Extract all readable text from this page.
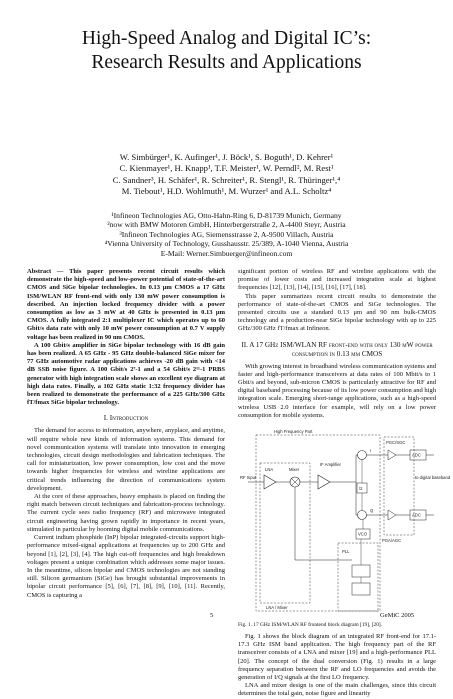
High-Speed Analog and Digital IC’s:
Research Results and Applications
W. Simbürger¹, K. Aufinger¹, J. Böck¹, S. Boguth¹, D. Kehrer¹
C. Kienmayer¹, H. Knapp¹, T.F. Meister¹, W. Perndl², M. Rest¹
C. Sandner³, H. Schäfer¹, R. Schreiter¹, R. Stengl¹, R. Thüringer¹,⁴
M. Tiebout¹, H.D. Wohlmuth¹, M. Wurzer¹ and A.L. Scholtz⁴
¹Infineon Technologies AG, Otto-Hahn-Ring 6, D-81739 Munich, Germany
²now with BMW Motoren GmbH, Hinterbergerstraße 2, A-4400 Steyr, Austria
³Infineon Technologies AG, Siemensstrasse 2, A-9500 Villach, Austria
⁴Vienna University of Technology, Gusshausstr. 25/389, A-1040 Vienna, Austria
E-Mail: Werner.Simbuerger@infineon.com

Abstract — This paper presents recent circuit results which demonstrate the high-speed and low-power potential of state-of-the-art CMOS and SiGe bipolar technologies. In 0.13 μm CMOS a 17 GHz ISM/WLAN RF front-end with only 130 mW power consumption is described. An injection locked frequency divider with a power consumption as low as 3 mW at 40 GHz is presented in 0.13 μm CMOS. A fully integrated 2:1 multiplexer IC which operates up to 60 Gbit/s data rate with only 10 mW power consumption at 0.7 V supply voltage has been realized in 90 nm CMOS.

A 100 Gbit/s amplifier in SiGe bipolar technology with 16 dB gain has been realized. A 65 GHz - 95 GHz double-balanced SiGe mixer for 77 GHz automotive radar applications achieves -20 dB gain with <14 dB SSB noise figure. A 100 Gbit/s 2⁷-1 and a 54 Gbit/s 2¹¹-1 PRBS generator with high integration scale shows an excellent eye diagram at high data rates. Finally, a 102 GHz static 1:32 frequency divider has been realized to demonstrate the performance of a 225 GHz/300 GHz fT/fmax SiGe bipolar technology.

I. Introduction

The demand for access to information, anywhere, anyplace, and anytime, will require whole new kinds of information systems. This demand for novel communication systems will translate into innovation in emerging technologies, circuit design methodologies and fabrication techniques. The call for miniaturization, low power consumption, low cost and the move towards higher frequencies for wireless and wireline applications are critical trends influencing the direction of communications system development.

At the core of these approaches, heavy emphasis is placed on finding the right match between circuit techniques and fabrication-process technology. The current cycle sees radio frequency (RF) and microwave integrated circuit engineering having grown rapidly in importance in recent years, stimulated in particular by booming digital mobile communications.

Current indium phosphide (InP) bipolar integrated-circuits support high-performance mixed-signal applications at frequencies up to 200 GHz and beyond [1], [2], [3], [4]. The high cut-off frequencies and high breakdown voltages present a unique combination which addresses some major issues. In the meantime, silicon bipolar and CMOS technologies are not standing still. Silicon germanium (SiGe) has brought substantial improvements in bipolar circuit performance [5], [6], [7], [8], [9], [10], [11]. Recently, CMOS is capturing a

significant portion of wireless RF and wireline applications with the promise of lower costs and increased integration scale at highest frequencies [12], [13], [14], [15], [16], [17], [18].

This paper summarizes recent circuit results to demonstrate the performance of state-of-the-art CMOS and SiGe technologies. The presented circuits use a standard 0.13 μm and 90 nm bulk-CMOS technology and a production-near SiGe bipolar technology with up to 225 GHz/300 GHz fT/fmax at Infineon.

II. A 17 GHz ISM/WLAN RF front-end with only 130 mW power consumption in 0.13 μm CMOS

With growing interest in broadband wireless communication systems and faster and high-performance transceivers at data rates of 100 Mbit/s to 1 Gbit/s and beyond, sub-micron CMOS is particularly attractive for RF and digital baseband processing because of its low power consumption and high integration scale. Emerging short-range applications, such as a high-speed wireless USB 2.0 interface for example, will rely on a low power consumption for mobile systems.

High Frequency Part
RF Input
LNA	Mixer
IF Amplifier
I
Q
/2
PGC/SGC
ADC
ADC
to digital baseband
PGA/AGC
PLL
VCO
LNA / Mixer
Fig. 1. 17 GHz ISM/WLAN RF frontend block diagram [19], [20].

Fig. 1 shows the block diagram of an integrated RF front-end for 17.1-17.3 GHz ISM band application. The high frequency part of the RF transceiver consists of a LNA and mixer [19] and a high-performance PLL [20]. The concept of the dual conversion (Fig. 1) results in a large frequency separation between the RF and LO frequencies and avoids the generation of I/Q signals at the first LO frequency.

LNA and mixer design is one of the main challenges, since this circuit determines the total gain, noise figure and linearity

5	GeMiC 2005
